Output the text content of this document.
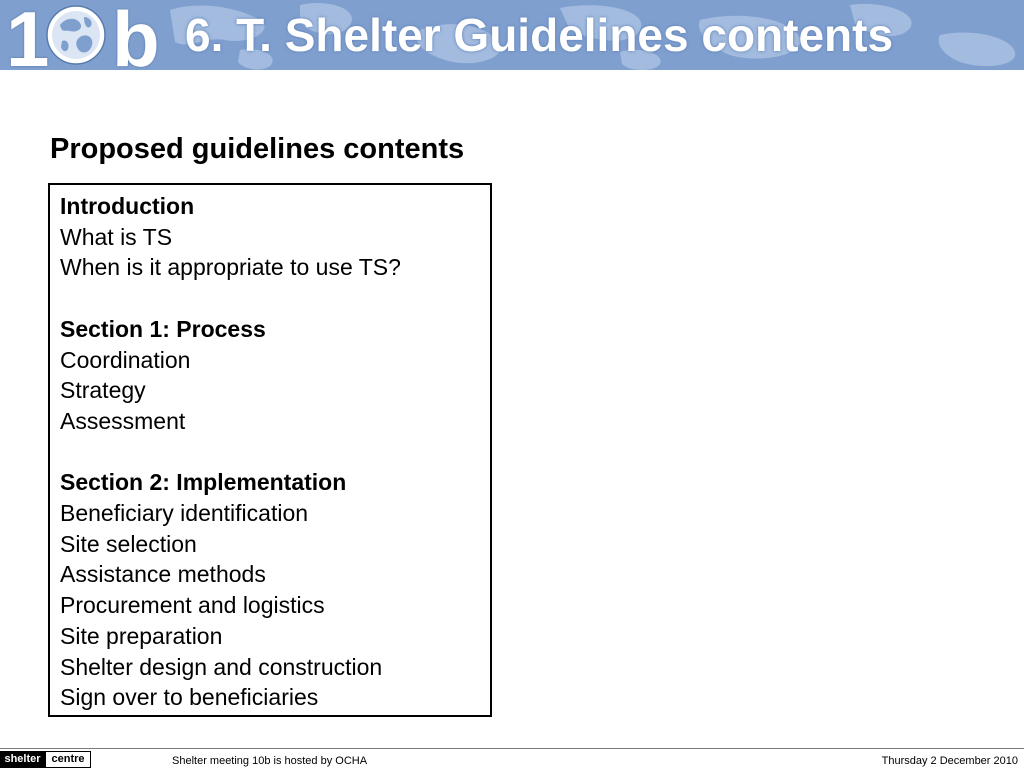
1 b 6. T. Shelter Guidelines contents
Proposed guidelines contents
Introduction
What is TS
When is it appropriate to use TS?
Section 1: Process
Coordination
Strategy
Assessment
Section 2: Implementation
Beneficiary identification
Site selection
Assistance methods
Procurement and logistics
Site preparation
Shelter design and construction
Sign over to beneficiaries
shelter centre	Shelter meeting 10b is hosted by OCHA	Thursday 2 December 2010
